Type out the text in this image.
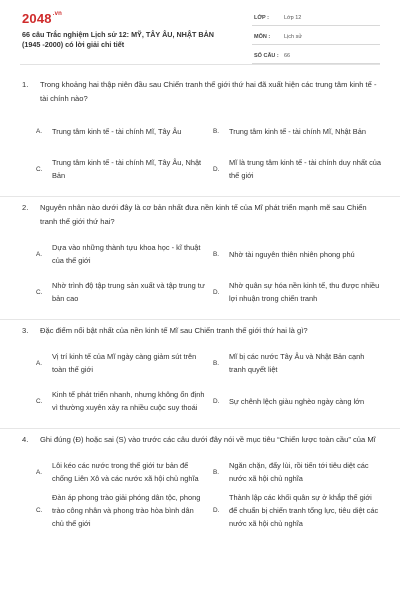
$2048^{.vn}$
66 câu Trắc nghiệm Lịch sử 12: MỸ, TÂY ÂU, NHẬT BẢN (1945 -2000) có lời giải chi tiết
LỚP :	Lớp 12
MÔN :	Lịch sử
SỐ CÂU : 66
1. Trong khoảng hai thập niên đầu sau Chiến tranh thế giới thứ hai đã xuất hiện các trung tâm kinh tế - tài chính nào?
A.	Trung tâm kinh tế - tài chính Mĩ, Tây Âu	B.	Trung tâm kinh tế - tài chính Mĩ, Nhật Bản
C.
Trung tâm kinh tế - tài chính Mĩ, Tây Âu, Nhật Bản
D.
Mĩ là trung tâm kinh tế - tài chính duy nhất của thế giới
2. Nguyên nhân nào dưới đây là cơ bản nhất đưa nền kinh tế của Mĩ phát triển mạnh mẽ sau Chiến tranh thế giới thứ hai?
A.
Dựa vào những thành tựu khoa học - kĩ thuật của thế giới
B.	Nhờ tài nguyên thiên nhiên phong phú
C.
Nhờ trình độ tập trung sản xuất và tập trung tư bản cao
D.
Nhờ quân sự hóa nền kinh tế, thu được nhiều lợi nhuận trong chiến tranh
3. Đặc điểm nổi bật nhất của nền kinh tế Mĩ sau Chiến tranh thế giới thứ hai là gì?
A.
Vị trí kinh tế của Mĩ ngày càng giảm sút trên toàn thế giới
B.
Mĩ bị các nước Tây Âu và Nhật Bản cạnh tranh quyết liệt
C.
Kinh tế phát triển nhanh, nhưng không ổn định vì thường xuyên xảy ra nhiều cuộc suy thoái
D.	Sự chênh lệch giàu nghèo ngày càng lớn
4. Ghi đúng (Đ) hoặc sai (S) vào trước các câu dưới đây nói về mục tiêu “Chiến lược toàn cầu” của Mĩ
A.
Lôi kéo các nước trong thế giới tư bản để chống Liên Xô và các nước xã hội chủ nghĩa
B.
Ngăn chặn, đẩy lùi, rồi tiến tới tiêu diệt các nước xã hội chủ nghĩa
C.
Đàn áp phong trào giải phóng dân tộc, phong trào công nhân và phong trào hòa bình dân chủ thế giới
D.
Thành lập các khối quân sự ở khắp thế giới để chuẩn bị chiến tranh tổng lực, tiêu diệt các nước xã hội chủ nghĩa
